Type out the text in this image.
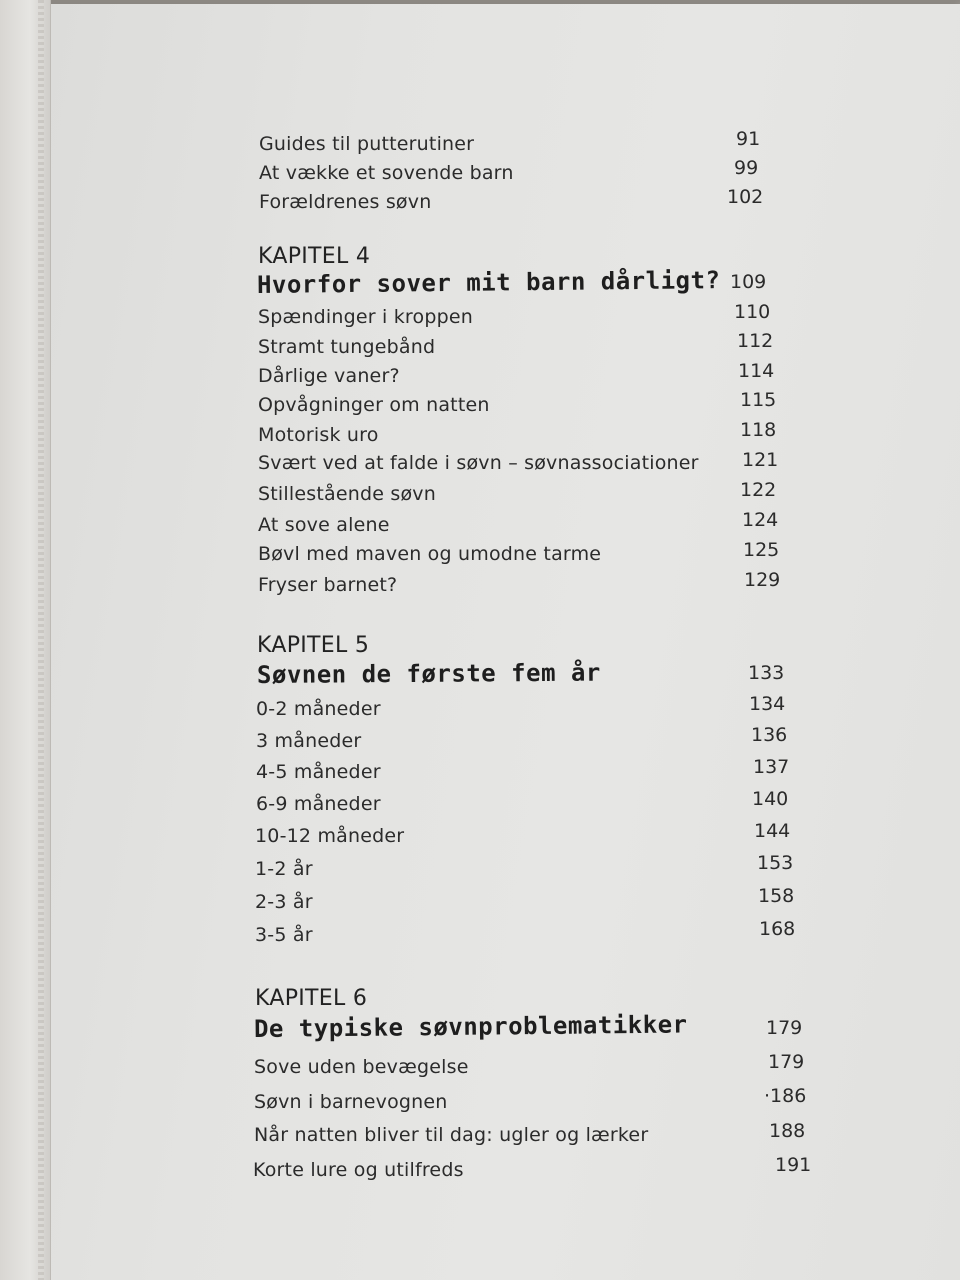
Guides til putterutiner	91
At vække et sovende barn	99
Forældrenes søvn	102
KAPITEL 4
Hvorfor sover mit barn dårligt? 109
Spændinger i kroppen	110
Stramt tungebånd	112
Dårlige vaner?	114
Opvågninger om natten	115
Motorisk uro	118
Svært ved at falde i søvn – søvnassociationer 121
Stillestående søvn	122
At sove alene	124
Bøvl med maven og umodne tarme	125
Fryser barnet?	129
KAPITEL 5
Søvnen de første fem år	133
0-2 måneder	134
3 måneder	136
4-5 måneder	137
6-9 måneder	140
10-12 måneder	144
1-2 år	153
2-3 år	158
3-5 år	168
KAPITEL 6
De typiske søvnproblematikker	179
Sove uden bevægelse	179
Søvn i barnevognen	·186
Når natten bliver til dag: ugler og lærker	188
Korte lure og utilfreds	191
